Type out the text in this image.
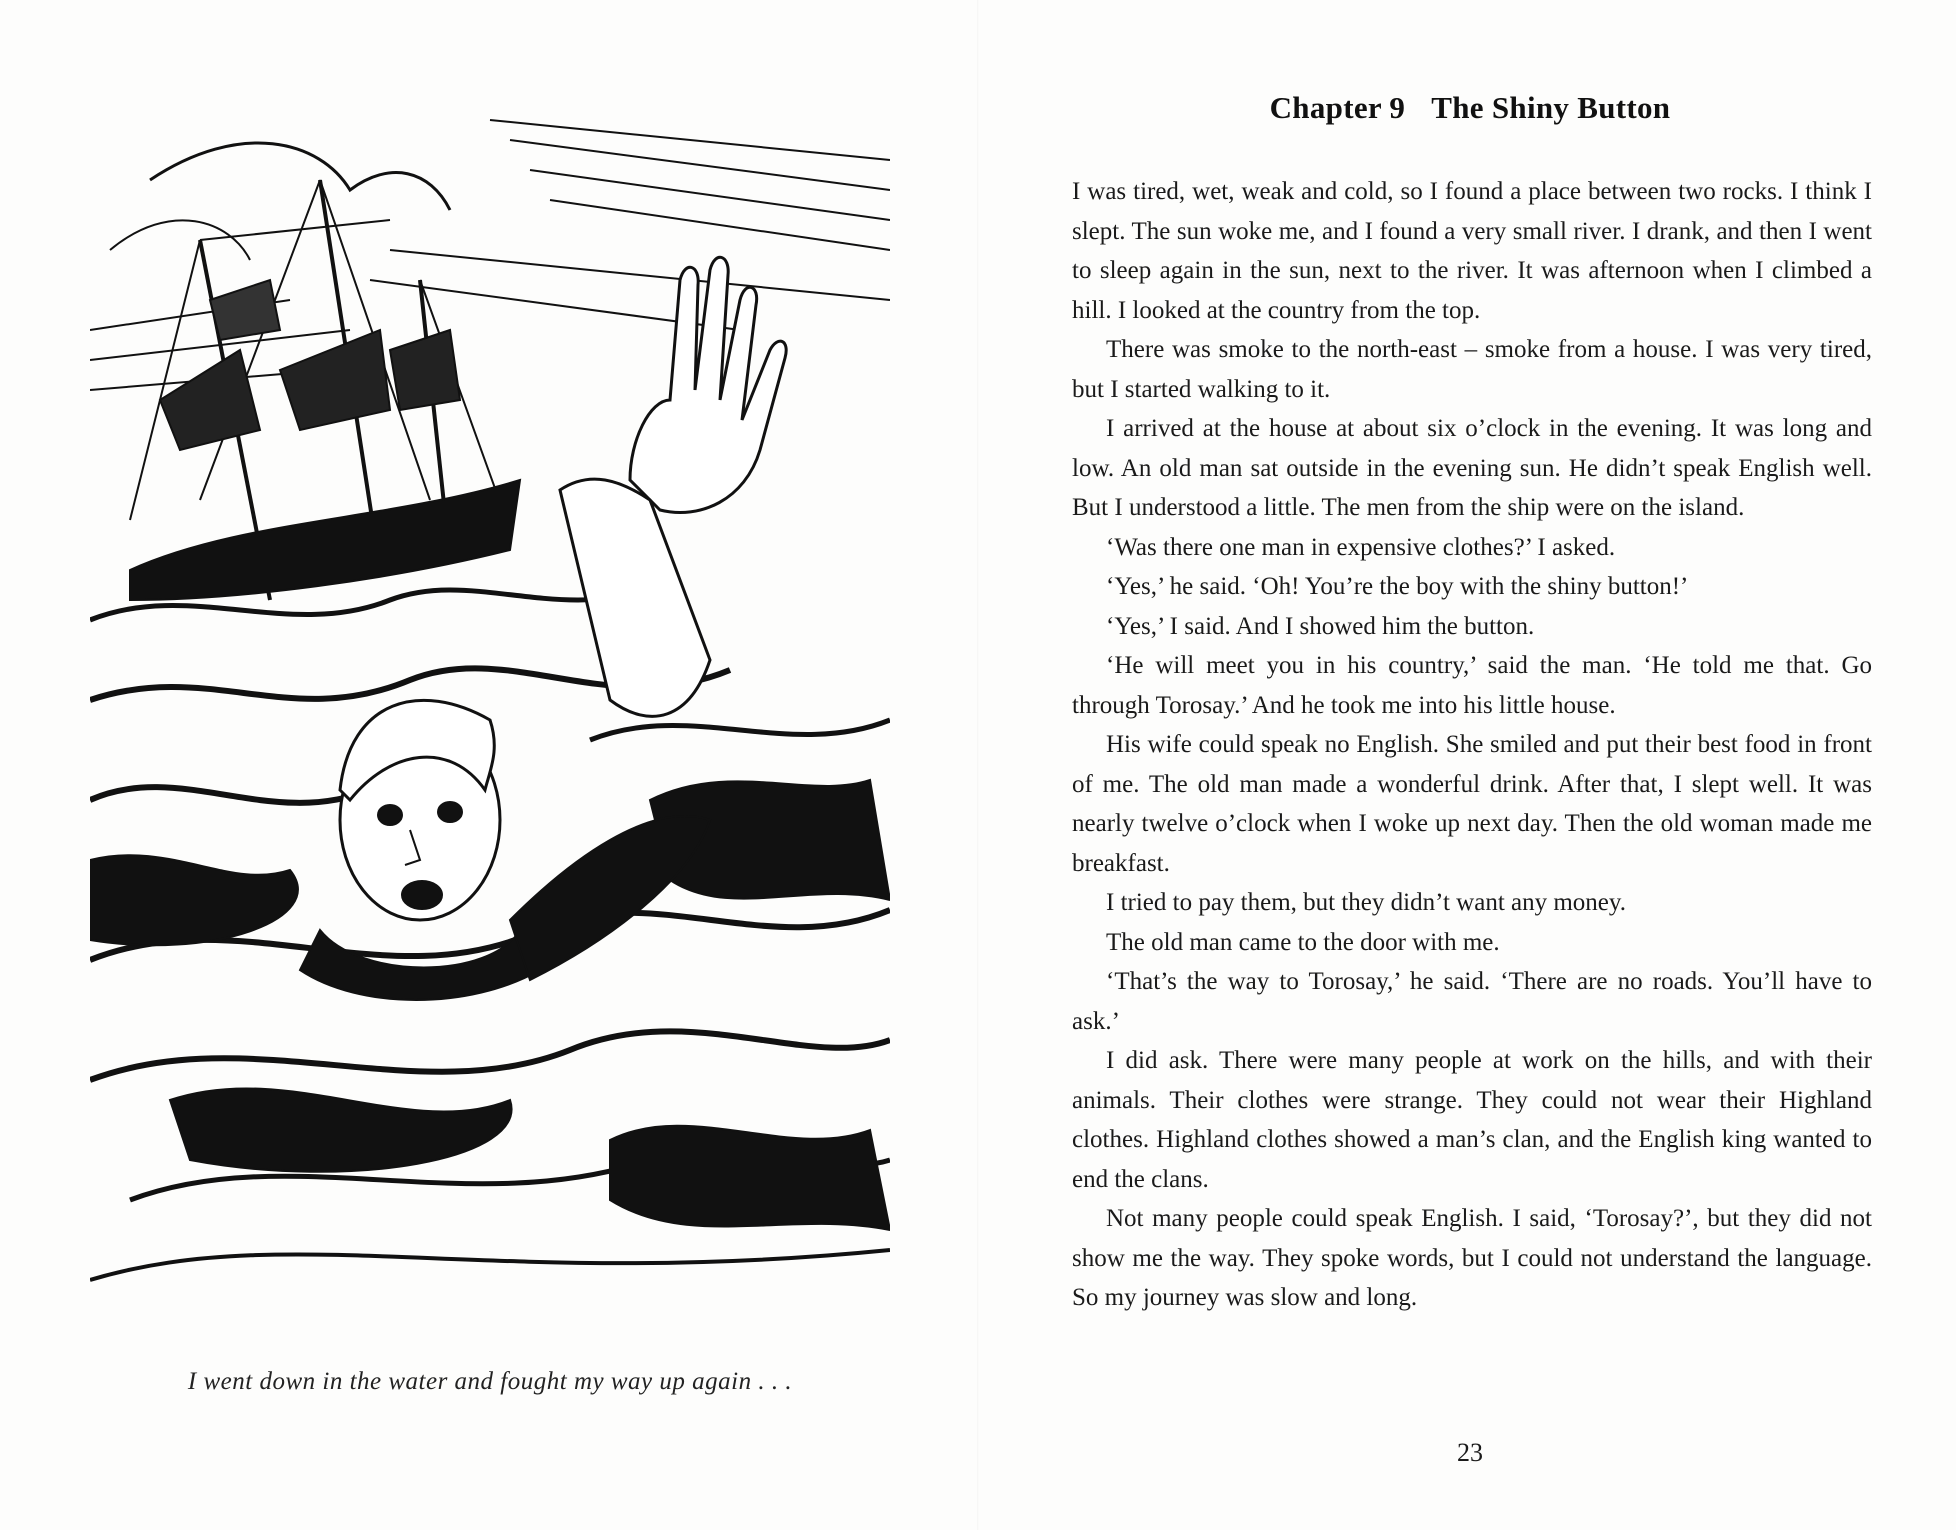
I went down in the water and fought my way up again . . .
Chapter 9 The Shiny Button

I was tired, wet, weak and cold, so I found a place between two rocks. I think I slept. The sun woke me, and I found a very small river. I drank, and then I went to sleep again in the sun, next to the river. It was afternoon when I climbed a hill. I looked at the country from the top.

There was smoke to the north-east – smoke from a house. I was very tired, but I started walking to it.

I arrived at the house at about six o’clock in the evening. It was long and low. An old man sat outside in the evening sun. He didn’t speak English well. But I understood a little. The men from the ship were on the island.

‘Was there one man in expensive clothes?’ I asked.

‘Yes,’ he said. ‘Oh! You’re the boy with the shiny button!’

‘Yes,’ I said. And I showed him the button.

‘He will meet you in his country,’ said the man. ‘He told me that. Go through Torosay.’ And he took me into his little house.

His wife could speak no English. She smiled and put their best food in front of me. The old man made a wonderful drink. After that, I slept well. It was nearly twelve o’clock when I woke up next day. Then the old woman made me breakfast.

I tried to pay them, but they didn’t want any money.

The old man came to the door with me.

‘That’s the way to Torosay,’ he said. ‘There are no roads. You’ll have to ask.’

I did ask. There were many people at work on the hills, and with their animals. Their clothes were strange. They could not wear their Highland clothes. Highland clothes showed a man’s clan, and the English king wanted to end the clans.

Not many people could speak English. I said, ‘Torosay?’, but they did not show me the way. They spoke words, but I could not understand the language. So my journey was slow and long.

23
